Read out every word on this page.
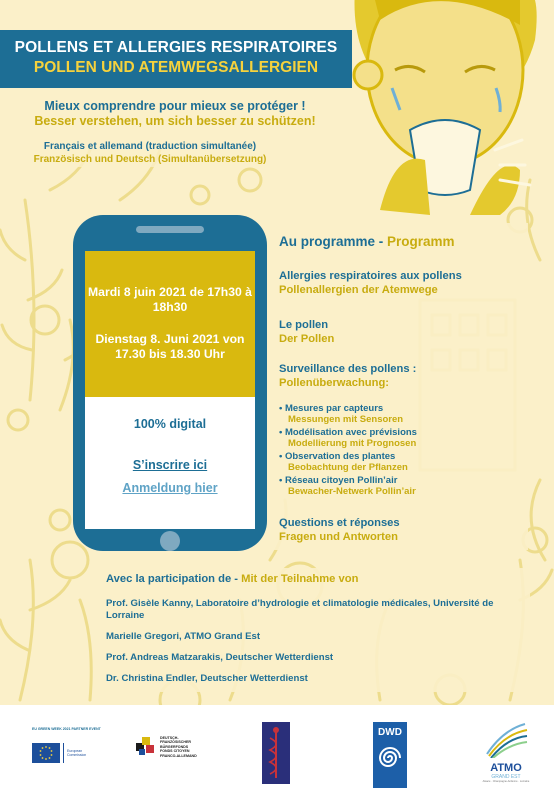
POLLENS ET ALLERGIES RESPIRATOIRES
POLLEN UND ATEMWEGSALLERGIEN
Mieux comprendre pour mieux se protéger !
Besser verstehen, um sich besser zu schützen!
Français et allemand (traduction simultanée)
Französisch und Deutsch (Simultanübersetzung)
Mardi 8 juin 2021 de 17h30 à 18h30
Dienstag 8. Juni 2021 von 17.30 bis 18.30 Uhr
100% digital
S’inscrire ici
Anmeldung hier
Au programme - Programm
Allergies respiratoires aux pollens
Pollenallergien der Atemwege
Le pollen
Der Pollen
Surveillance des pollens :
Pollenüberwachung:
• Mesures par capteurs
Messungen mit Sensoren
• Modélisation avec prévisions
Modellierung mit Prognosen
• Observation des plantes
Beobachtung der Pflanzen
• Réseau citoyen Pollin’air
Bewacher-Netwerk Pollin’air
Questions et réponses
Fragen und Antworten
Avec la participation de - Mit der Teilnahme von
Prof. Gisèle Kanny, Laboratoire d’hydrologie et climatologie médicales, Université de Lorraine
Marielle Gregori, ATMO Grand Est
Prof. Andreas Matzarakis, Deutscher Wetterdienst
Dr. Christina Endler, Deutscher Wetterdienst
EU GREEN WEEK 2021 PARTNER EVENT
European Commission
DEUTSCH-
FRANZÖSISCHER
BÜRGERFONDS
FONDS CITOYEN
FRANCO-ALLEMAND
DWD
ATMO
GRAND EST
Alsace · Champagne-Ardenne · Lorraine
